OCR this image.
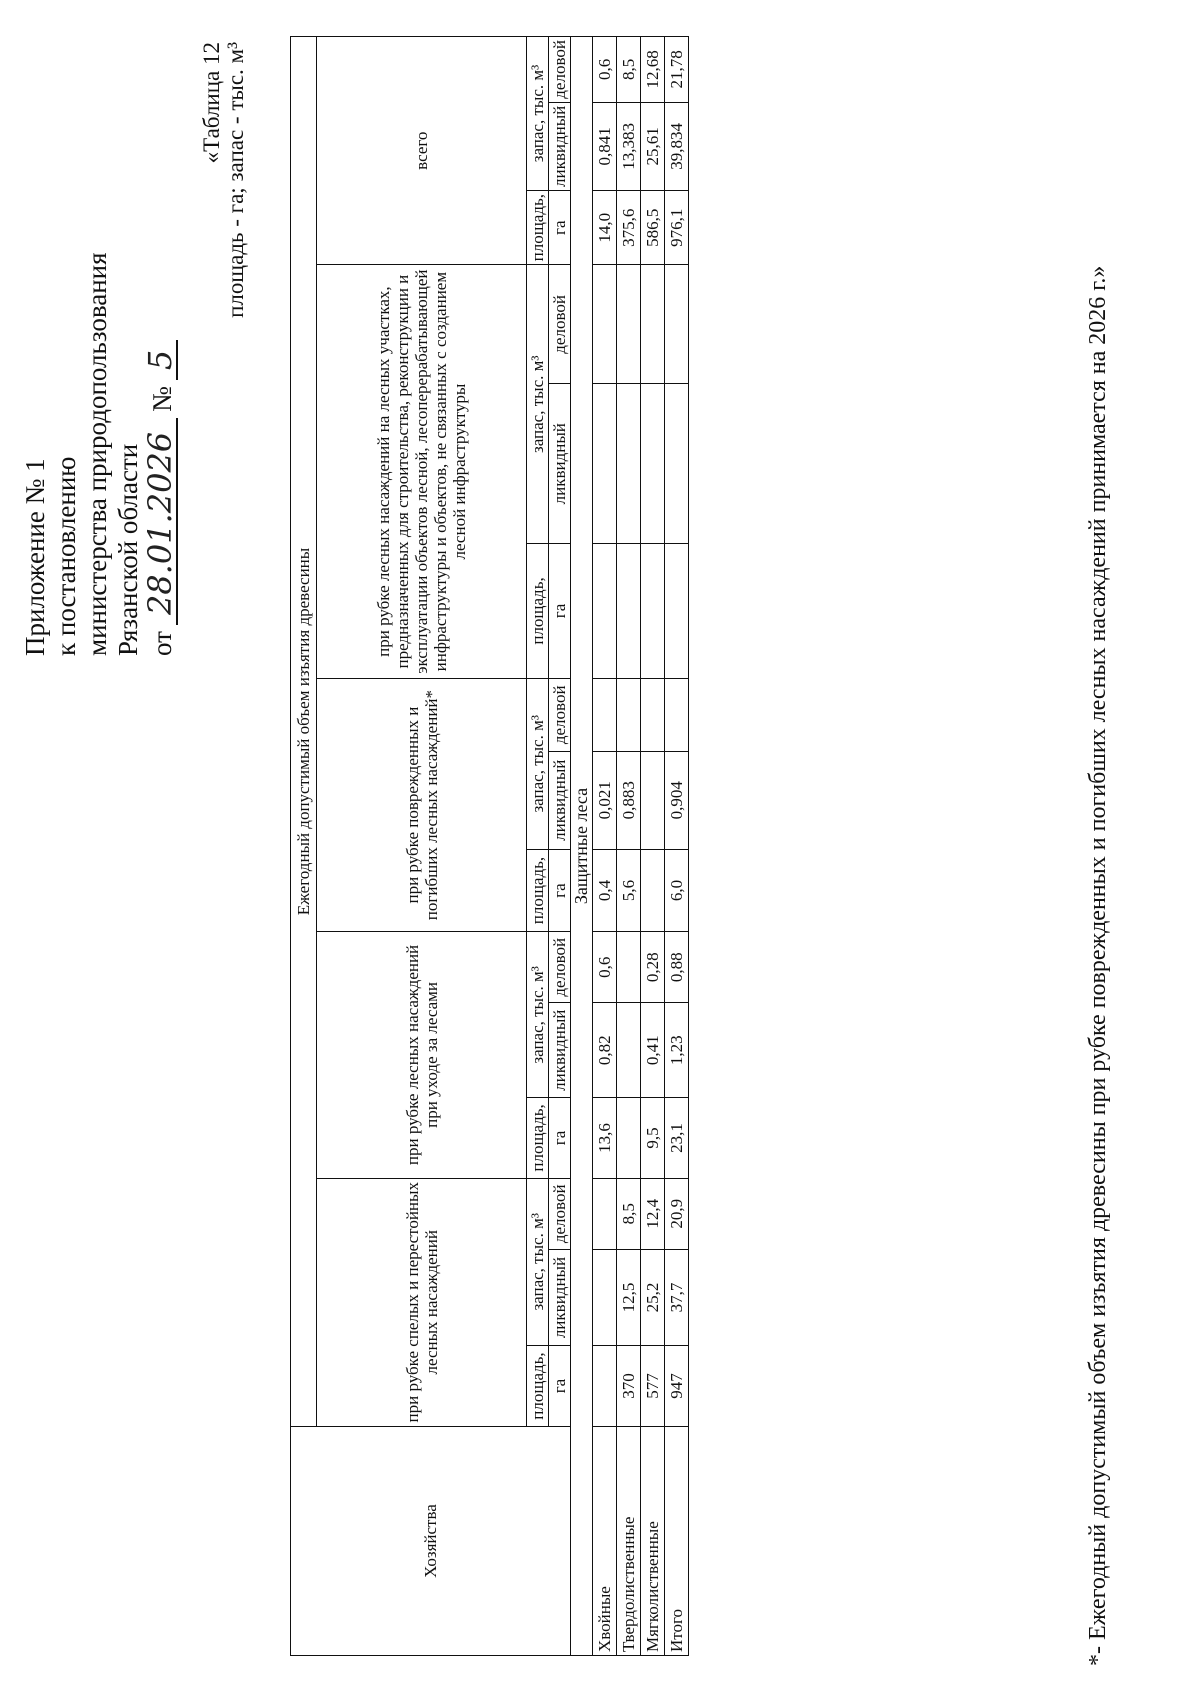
Приложение № 1 к постановлению министерства природопользования Рязанской области от
28.01.2026
№
5
«Таблица 12 площадь - га; запас - тыс. м³
Хозяйства	Ежегодный допустимый объем изъятия древесины														
	при рубке спелых и перестойных лесных насаждений			при рубке лесных насаждений при уходе за лесами			при рубке поврежденных и погибших лесных насаждений*			при рубке лесных насаждений на лесных участках, предназначенных для строительства, реконструкции и эксплуатации объектов лесной, лесоперерабатывающей инфраструктуры и объектов, не связанных с созданием лесной инфраструктуры			всего		
	площадь,	запас, тыс. м³		площадь,	запас, тыс. м³		площадь,	запас, тыс. м³		площадь,	запас, тыс. м³		площадь,	запас, тыс. м³	
	га	ликвидный	деловой	га	ликвидный	деловой	га	ликвидный	деловой	га	ликвидный	деловой	га	ликвидный	деловой
Защитные леса															
Хвойные				13,6	0,82	0,6	0,4	0,021					14,0	0,841	0,6
Твердолиственные	370	12,5	8,5				5,6	0,883					375,6	13,383	8,5
Мягколиственные	577	25,2	12,4	9,5	0,41	0,28							586,5	25,61	12,68
Итого	947	37,7	20,9	23,1	1,23	0,88	6,0	0,904					976,1	39,834	21,78
*- Ежегодный допустимый объем изъятия древесины при рубке поврежденных и погибших лесных насаждений принимается на 2026 г.»
